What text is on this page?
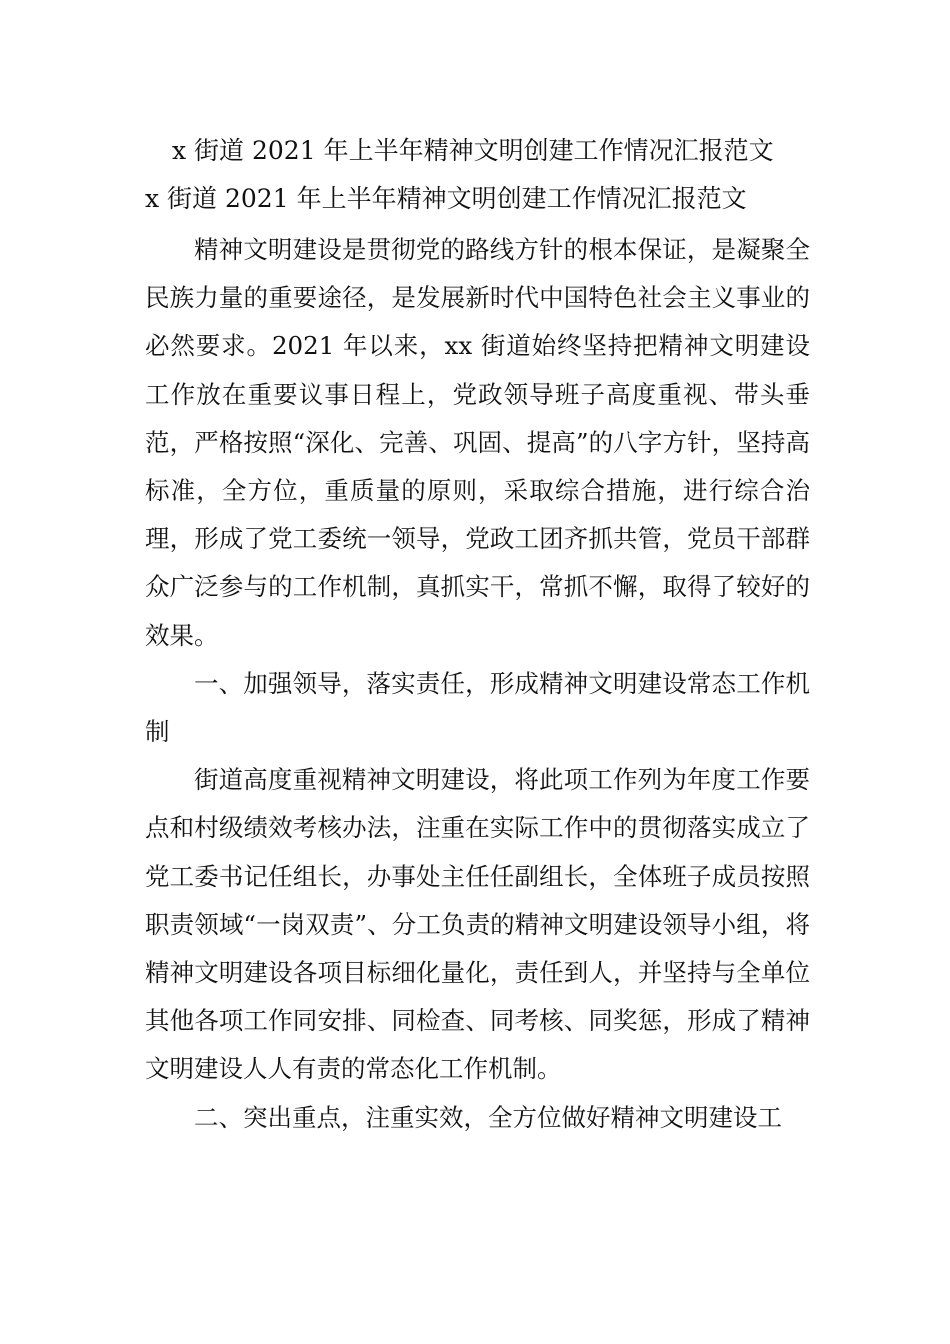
x 街道 2021 年上半年精神文明创建工作情况汇报范文
x 街道 2021 年上半年精神文明创建工作情况汇报范文

精神文明建设是贯彻党的路线方针的根本保证，是凝聚全民族力量的重要途径，是发展新时代中国特色社会主义事业的必然要求。2021 年以来，xx 街道始终坚持把精神文明建设工作放在重要议事日程上，党政领导班子高度重视、带头垂范，严格按照“深化、完善、巩固、提高”的八字方针，坚持高标准，全方位，重质量的原则，采取综合措施，进行综合治理，形成了党工委统一领导，党政工团齐抓共管，党员干部群众广泛参与的工作机制，真抓实干，常抓不懈，取得了较好的效果。

一、加强领导，落实责任，形成精神文明建设常态工作机制

街道高度重视精神文明建设，将此项工作列为年度工作要点和村级绩效考核办法，注重在实际工作中的贯彻落实成立了党工委书记任组长，办事处主任任副组长，全体班子成员按照职责领域“一岗双责”、分工负责的精神文明建设领导小组，将精神文明建设各项目标细化量化，责任到人，并坚持与全单位其他各项工作同安排、同检查、同考核、同奖惩，形成了精神文明建设人人有责的常态化工作机制。

二、突出重点，注重实效，全方位做好精神文明建设工
